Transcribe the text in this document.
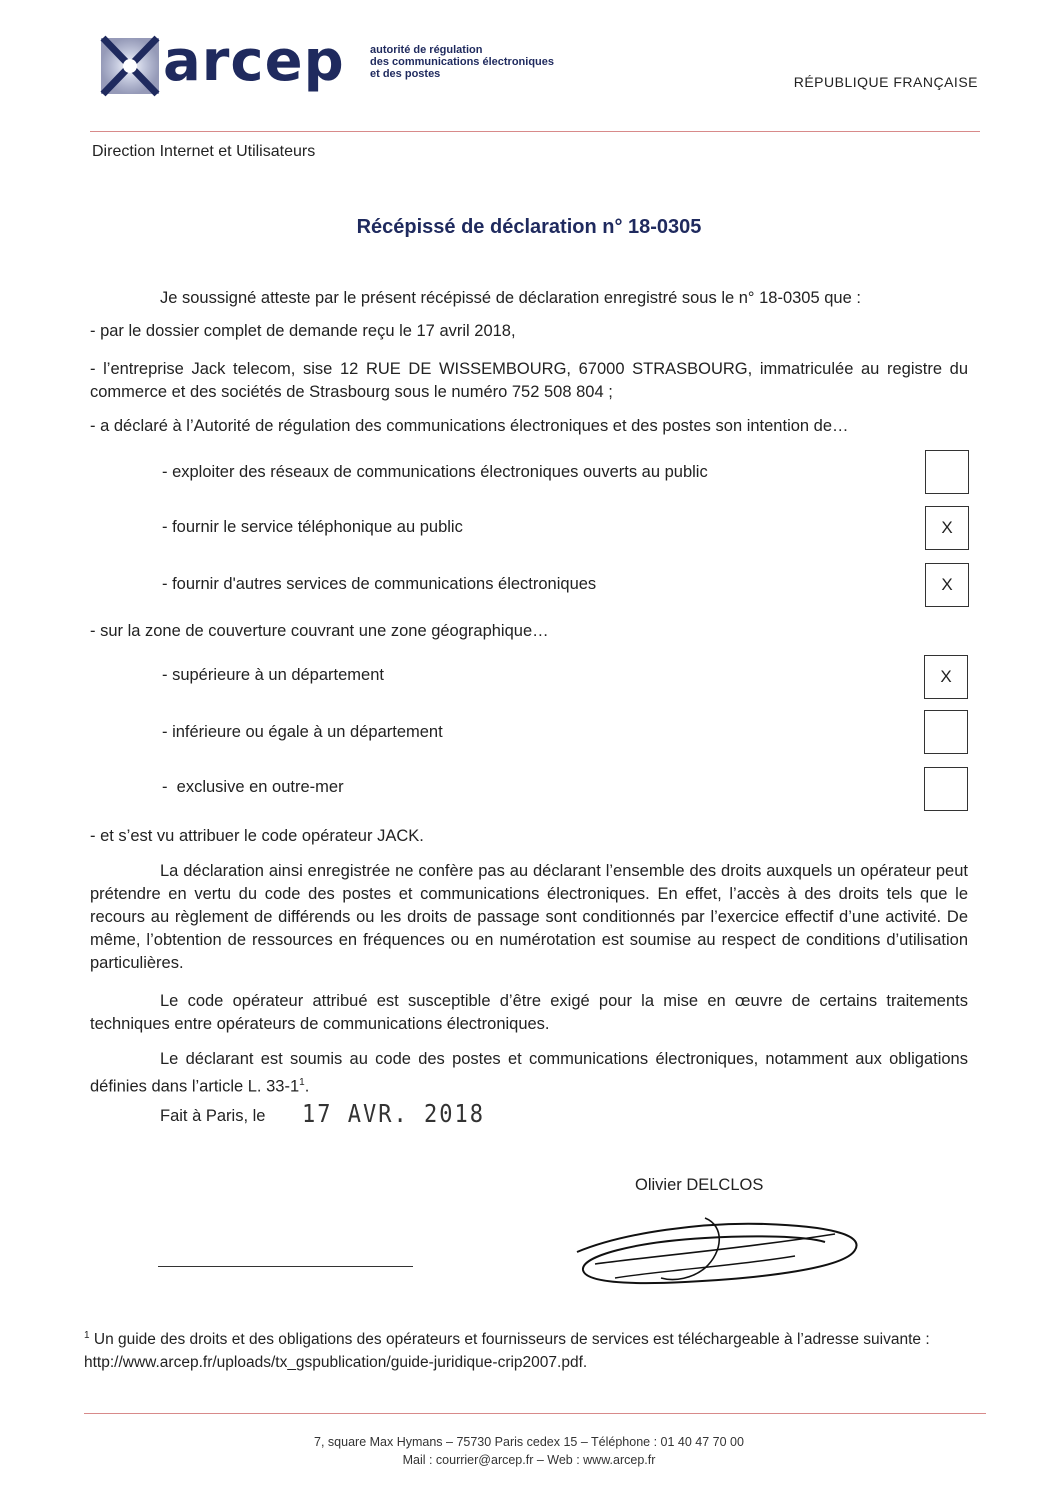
arcep autorité de régulation
des communications électroniques
et des postes	RÉPUBLIQUE FRANÇAISE
Direction Internet et Utilisateurs
Récépissé de déclaration n° 18-0305
Je soussigné atteste par le présent récépissé de déclaration enregistré sous le n° 18-0305 que :
- par le dossier complet de demande reçu le 17 avril 2018,
- l’entreprise Jack telecom, sise 12 RUE DE WISSEMBOURG, 67000 STRASBOURG, immatriculée au registre du commerce et des sociétés de Strasbourg sous le numéro 752 508 804 ;
- a déclaré à l’Autorité de régulation des communications électroniques et des postes son intention de…
- exploiter des réseaux de communications électroniques ouverts au public
- fournir le service téléphonique au public	X
- fournir d'autres services de communications électroniques	X
- sur la zone de couverture couvrant une zone géographique…
- supérieure à un département	X
- inférieure ou égale à un département
-  exclusive en outre-mer
- et s’est vu attribuer le code opérateur JACK.
La déclaration ainsi enregistrée ne confère pas au déclarant l’ensemble des droits auxquels un opérateur peut prétendre en vertu du code des postes et communications électroniques. En effet, l’accès à des droits tels que le recours au règlement de différends ou les droits de passage sont conditionnés par l’exercice effectif d’une activité. De même, l’obtention de ressources en fréquences ou en numérotation est soumise au respect de conditions d’utilisation particulières.
Le code opérateur attribué est susceptible d’être exigé pour la mise en œuvre de certains traitements techniques entre opérateurs de communications électroniques.
Le déclarant est soumis au code des postes et communications électroniques, notamment aux obligations définies dans l’article L. $33-1^1$.
Fait à Paris, le 17 AVR. 2018
Olivier DELCLOS
$^1$ Un guide des droits et des obligations des opérateurs et fournisseurs de services est téléchargeable à l’adresse suivante : http://www.arcep.fr/uploads/tx_gspublication/guide-juridique-crip2007.pdf.
7, square Max Hymans – 75730 Paris cedex 15 – Téléphone : 01 40 47 70 00
Mail : courrier@arcep.fr – Web : www.arcep.fr
